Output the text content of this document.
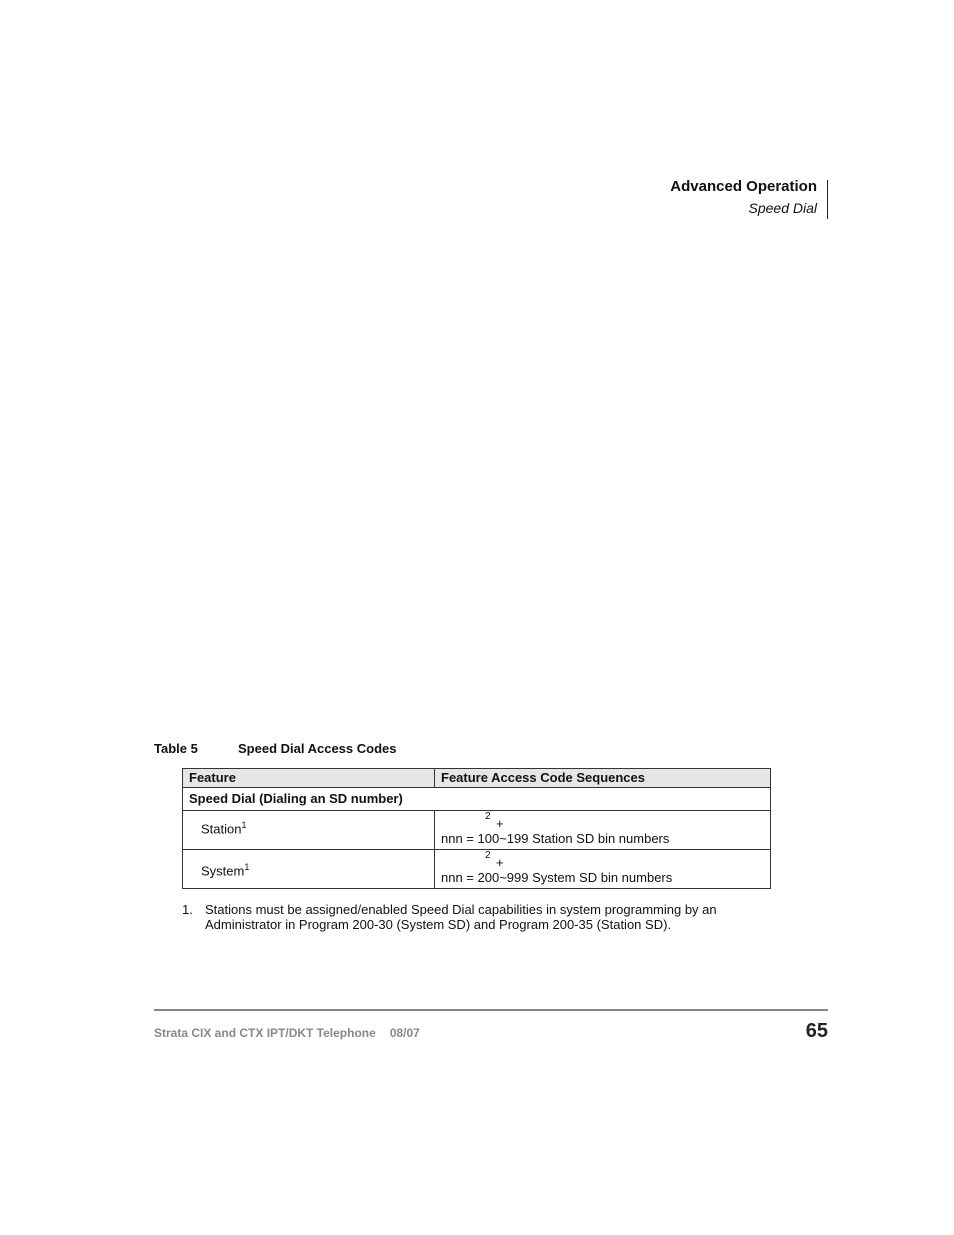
Advanced Operation
Speed Dial
Table 5	Speed Dial Access Codes
Feature	Feature Access Code Sequences
Speed Dial (Dialing an SD number)	
Station$^1$	2 +
nnn = 100~199 Station SD bin numbers

System$^1$	2 +
nnn = 200~999 System SD bin numbers
1. Stations must be assigned/enabled Speed Dial capabilities in system programming by an Administrator in Program 200-30 (System SD) and Program 200-35 (Station SD).
Strata CIX and CTX IPT/DKT Telephone 08/07	65
